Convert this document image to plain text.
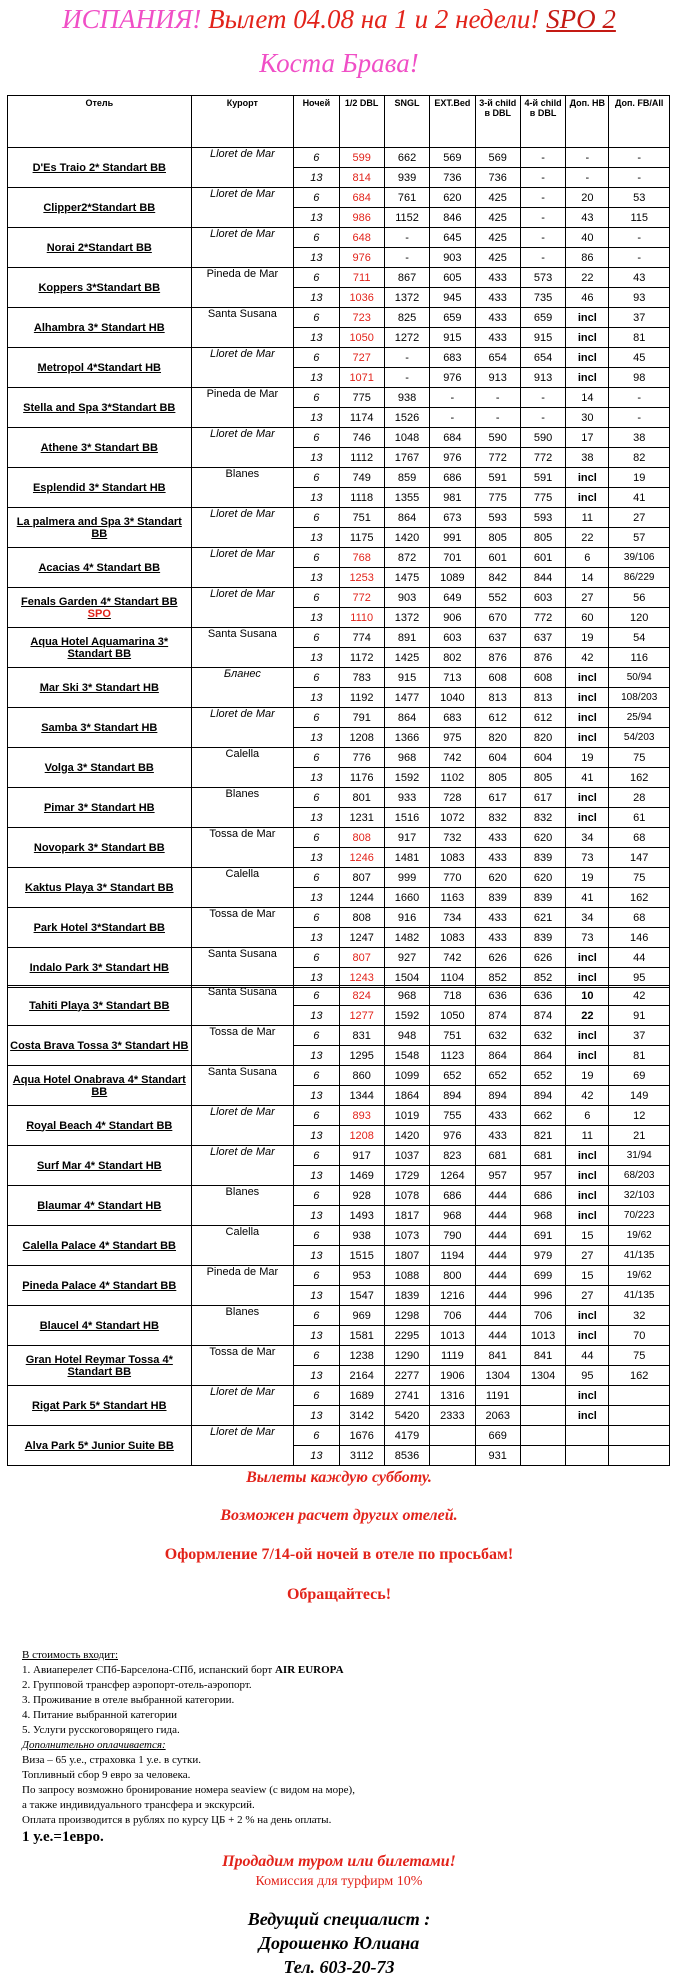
ИСПАНИЯ! Вылет 04.08 на 1 и 2 недели! SPO 2
Коста Брава!
Отель	Курорт	Ночей	1/2 DBL	SNGL	EXT.Bed	3-й child в DBL	4-й child в DBL	Доп. HB	Доп. FB/All
D'Es Traio 2* Standart BB	Lloret de Mar	6	599	662	569	569	-	-	-
		13	814	939	736	736	-	-	-
Clipper2*Standart BB	Lloret de Mar	6	684	761	620	425	-	20	53
		13	986	1152	846	425	-	43	115
Norai 2*Standart BB	Lloret de Mar	6	648	-	645	425	-	40	-
		13	976	-	903	425	-	86	-
Koppers 3*Standart BB	Pineda de Mar	6	711	867	605	433	573	22	43
		13	1036	1372	945	433	735	46	93
Alhambra 3* Standart HB	Santa Susana	6	723	825	659	433	659	incl	37
		13	1050	1272	915	433	915	incl	81
Metropol 4*Standart HB	Lloret de Mar	6	727	-	683	654	654	incl	45
		13	1071	-	976	913	913	incl	98
Stella and Spa 3*Standart BB	Pineda de Mar	6	775	938	-	-	-	14	-
		13	1174	1526	-	-	-	30	-
Athene 3* Standart BB	Lloret de Mar	6	746	1048	684	590	590	17	38
		13	1112	1767	976	772	772	38	82
Esplendid 3* Standart HB	Blanes	6	749	859	686	591	591	incl	19
		13	1118	1355	981	775	775	incl	41
La palmera and Spa 3* Standart BB	Lloret de Mar	6	751	864	673	593	593	11	27
		13	1175	1420	991	805	805	22	57
Acacias 4* Standart BB	Lloret de Mar	6	768	872	701	601	601	6	39/106
		13	1253	1475	1089	842	844	14	86/229
Fenals Garden 4* Standart BB SPO	Lloret de Mar	6	772	903	649	552	603	27	56
		13	1110	1372	906	670	772	60	120
Aqua Hotel Aquamarina 3* Standart BB	Santa Susana	6	774	891	603	637	637	19	54
		13	1172	1425	802	876	876	42	116
Mar Ski 3* Standart HB	Бланес	6	783	915	713	608	608	incl	50/94
		13	1192	1477	1040	813	813	incl	108/203
Samba 3* Standart HB	Lloret de Mar	6	791	864	683	612	612	incl	25/94
		13	1208	1366	975	820	820	incl	54/203
Volga 3* Standart BB	Calella	6	776	968	742	604	604	19	75
		13	1176	1592	1102	805	805	41	162
Pimar 3* Standart HB	Blanes	6	801	933	728	617	617	incl	28
		13	1231	1516	1072	832	832	incl	61
Novopark 3* Standart BB	Tossa de Mar	6	808	917	732	433	620	34	68
		13	1246	1481	1083	433	839	73	147
Kaktus Playa 3* Standart BB	Calella	6	807	999	770	620	620	19	75
		13	1244	1660	1163	839	839	41	162
Park Hotel 3*Standart BB	Tossa de Mar	6	808	916	734	433	621	34	68
		13	1247	1482	1083	433	839	73	146
Indalo Park 3* Standart HB	Santa Susana	6	807	927	742	626	626	incl	44
		13	1243	1504	1104	852	852	incl	95
Tahiti Playa 3* Standart BB	Santa Susana	6	824	968	718	636	636	10	42
		13	1277	1592	1050	874	874	22	91
Costa Brava Tossa 3* Standart HB	Tossa de Mar	6	831	948	751	632	632	incl	37
		13	1295	1548	1123	864	864	incl	81
Aqua Hotel Onabrava 4* Standart BB	Santa Susana	6	860	1099	652	652	652	19	69
		13	1344	1864	894	894	894	42	149
Royal Beach 4* Standart BB	Lloret de Mar	6	893	1019	755	433	662	6	12
		13	1208	1420	976	433	821	11	21
Surf Mar 4* Standart HB	Lloret de Mar	6	917	1037	823	681	681	incl	31/94
		13	1469	1729	1264	957	957	incl	68/203
Blaumar 4* Standart HB	Blanes	6	928	1078	686	444	686	incl	32/103
		13	1493	1817	968	444	968	incl	70/223
Calella Palace 4* Standart BB	Calella	6	938	1073	790	444	691	15	19/62
		13	1515	1807	1194	444	979	27	41/135
Pineda Palace 4* Standart BB	Pineda de Mar	6	953	1088	800	444	699	15	19/62
		13	1547	1839	1216	444	996	27	41/135
Blaucel 4* Standart HB	Blanes	6	969	1298	706	444	706	incl	32
		13	1581	2295	1013	444	1013	incl	70
Gran Hotel Reymar Tossa 4* Standart BB	Tossa de Mar	6	1238	1290	1119	841	841	44	75
		13	2164	2277	1906	1304	1304	95	162
Rigat Park 5* Standart HB	Lloret de Mar	6	1689	2741	1316	1191		incl	
		13	3142	5420	2333	2063		incl	
Alva Park 5* Junior Suite BB	Lloret de Mar	6	1676	4179		669			
		13	3112	8536		931			
Вылеты каждую субботу.
Возможен расчет других отелей.
Оформление 7/14-ой ночей в отеле по просьбам!
Обращайтесь!
В стоимость входит:
1. Авиаперелет СПб-Барселона-СПб, испанский борт AIR EUROPA
2. Групповой трансфер аэропорт-отель-аэропорт.
3. Проживание в отеле выбранной категории.
4. Питание выбранной категории
5. Услуги русскоговорящего гида.
Дополнительно оплачивается:
Виза – 65 у.е., страховка 1 у.е. в сутки.
Топливный сбор 9 евро за человека.
По запросу возможно бронирование номера seaview (с видом на море),
а также индивидуального трансфера и экскурсий.
Оплата производится в рублях по курсу ЦБ + 2 % на день оплаты.
1 у.е.=1евро.
Продадим туром или билетами!
Комиссия для турфирм 10%
Ведущий специалист :
Дорошенко Юлиана
Тел. 603-20-73
